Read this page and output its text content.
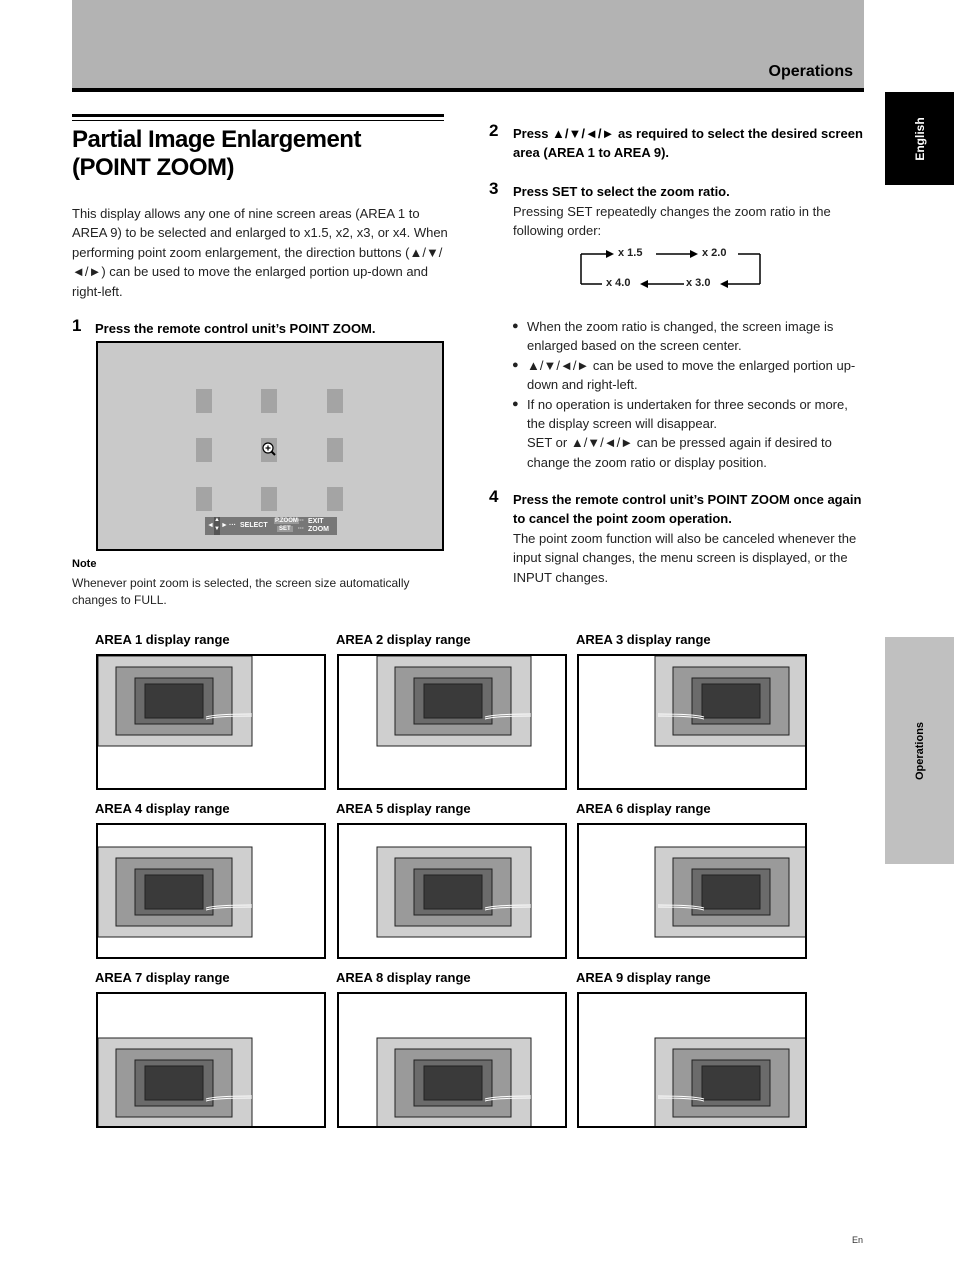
Operations
English
Operations
Partial Image Enlargement
(POINT ZOOM)
This display allows any one of nine screen areas (AREA 1 to AREA 9) to be selected and enlarged to x1.5, x2, x3, or x4. When performing point zoom enlargement, the direction buttons (▲/▼/◄/►) can be used to move the enlarged portion up-down and right-left.
1 Press the remote control unit’s POINT ZOOM.
◄
▲
▼ ► ··· SELECT
P.ZOOM
SET
···
···
EXIT
ZOOM
Note
Whenever point zoom is selected, the screen size automatically changes to FULL.
2 Press ▲/▼/◄/► as required to select the desired screen area (AREA 1 to AREA 9).
3 Press SET to select the zoom ratio.
Pressing SET repeatedly changes the zoom ratio in the following order:
x 1.5	x 2.0
x 3.0
x 4.0
● When the zoom ratio is changed, the screen image is enlarged based on the screen center.
● ▲/▼/◄/► can be used to move the enlarged portion up-down and right-left.
● If no operation is undertaken for three seconds or more, the display screen will disappear.
SET or ▲/▼/◄/► can be pressed again if desired to change the zoom ratio or display position.
4 Press the remote control unit’s POINT ZOOM once again to cancel the point zoom operation.
The point zoom function will also be canceled whenever the input signal changes, the menu screen is displayed, or the INPUT changes.
AREA 1 display range	AREA 2 display range	AREA 3 display range
AREA 4 display range	AREA 5 display range	AREA 6 display range
AREA 7 display range	AREA 8 display range	AREA 9 display range
En
